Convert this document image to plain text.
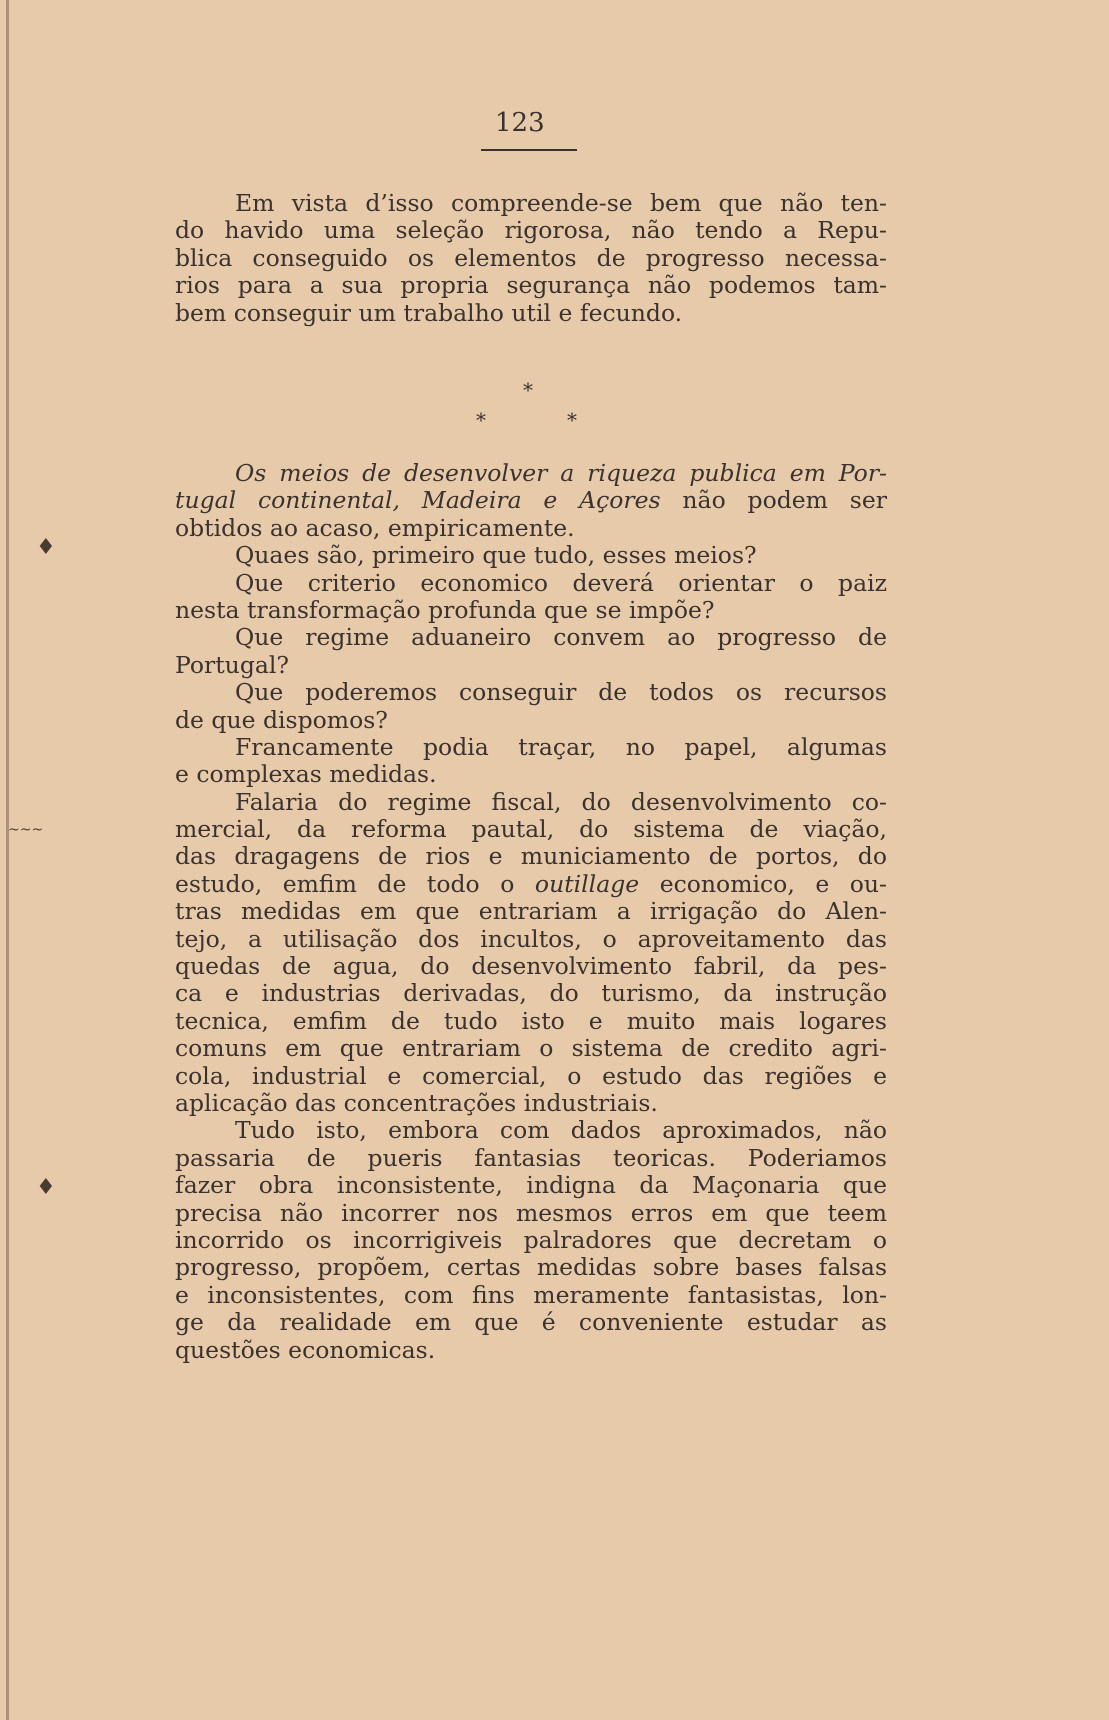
♦
♦
~~~
123
Em vista d’isso compreende-se bem que não ten-
do havido uma seleção rigorosa, não tendo a Repu-
blica conseguido os elementos de progresso necessa-
rios para a sua propria segurança não podemos tam-
bem conseguir um trabalho util e fecundo.
*
*	*
Os meios de desenvolver a riqueza publica em Por-
tugal continental, Madeira e Açores não podem ser
obtidos ao acaso, empiricamente.
Quaes são, primeiro que tudo, esses meios?
Que criterio economico deverá orientar o paiz
nesta transformação profunda que se impõe?
Que regime aduaneiro convem ao progresso de
Portugal?
Que poderemos conseguir de todos os recursos
de que dispomos?
Francamente podia traçar, no papel, algumas
e complexas medidas.
Falaria do regime fiscal, do desenvolvimento co-
mercial, da reforma pautal, do sistema de viação,
das dragagens de rios e municiamento de portos, do
estudo, emfim de todo o outillage economico, e ou-
tras medidas em que entrariam a irrigação do Alen-
tejo, a utilisação dos incultos, o aproveitamento das
quedas de agua, do desenvolvimento fabril, da pes-
ca e industrias derivadas, do turismo, da instrução
tecnica, emfim de tudo isto e muito mais logares
comuns em que entrariam o sistema de credito agri-
cola, industrial e comercial, o estudo das regiões e
aplicação das concentrações industriais.
Tudo isto, embora com dados aproximados, não
passaria de pueris fantasias teoricas. Poderiamos
fazer obra inconsistente, indigna da Maçonaria que
precisa não incorrer nos mesmos erros em que teem
incorrido os incorrigiveis palradores que decretam o
progresso, propõem, certas medidas sobre bases falsas
e inconsistentes, com fins meramente fantasistas, lon-
ge da realidade em que é conveniente estudar as
questões economicas.
